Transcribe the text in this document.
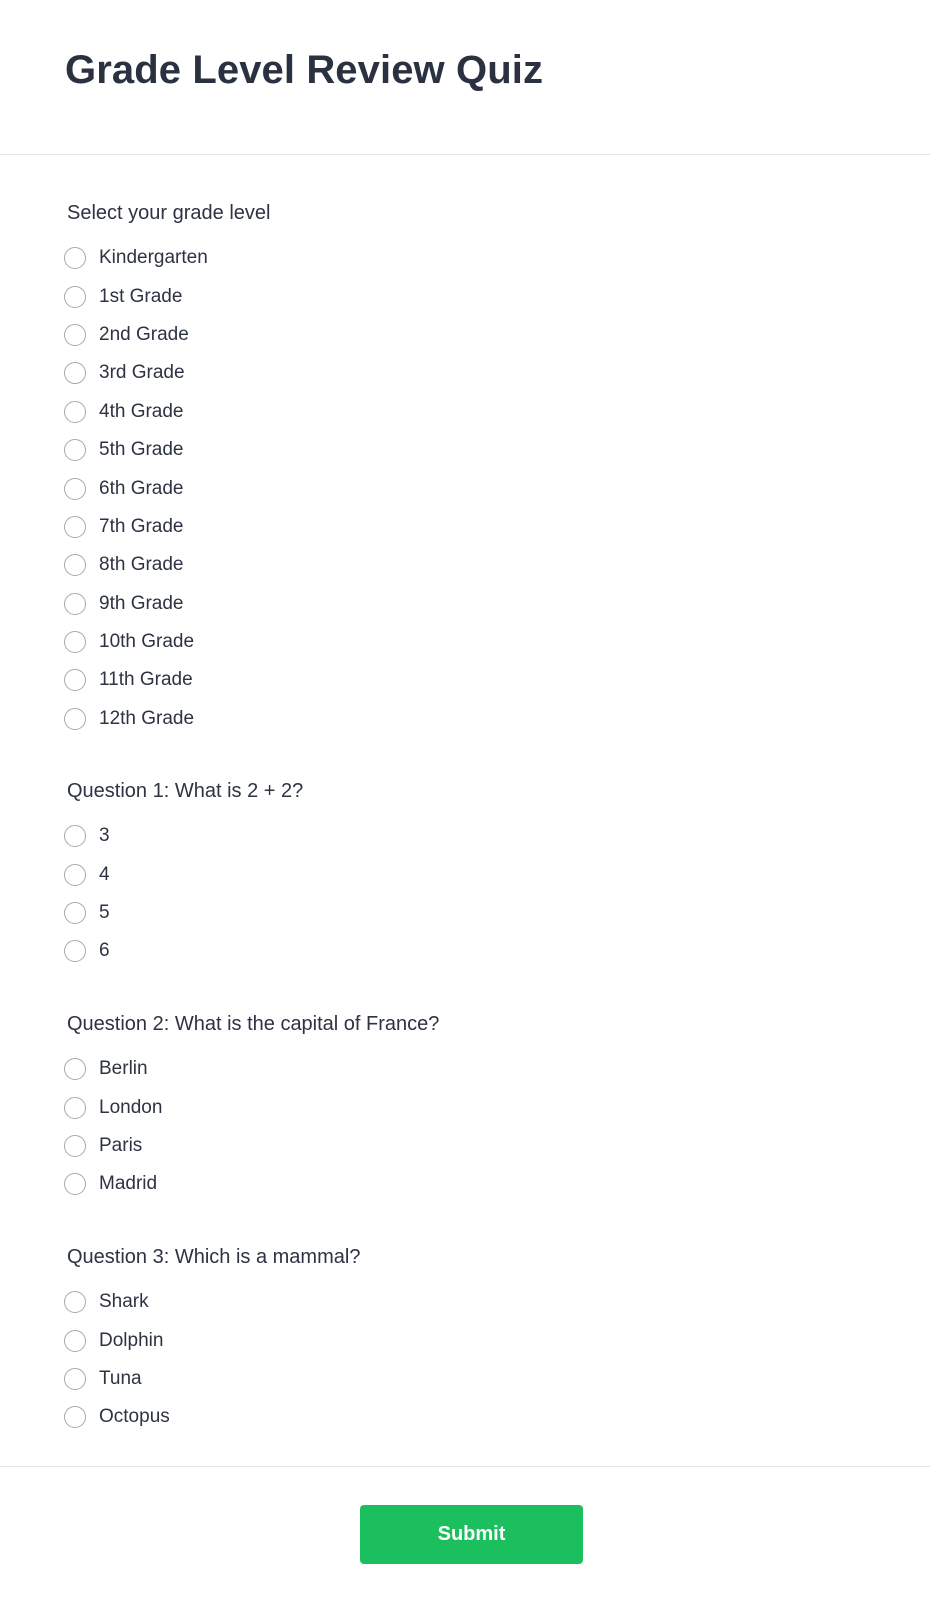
Grade Level Review Quiz
Select your grade level
Kindergarten
1st Grade
2nd Grade
3rd Grade
4th Grade
5th Grade
6th Grade
7th Grade
8th Grade
9th Grade
10th Grade
11th Grade
12th Grade
Question 1: What is 2 + 2?
3
4
5
6
Question 2: What is the capital of France?
Berlin
London
Paris
Madrid
Question 3: Which is a mammal?
Shark
Dolphin
Tuna
Octopus
Submit
